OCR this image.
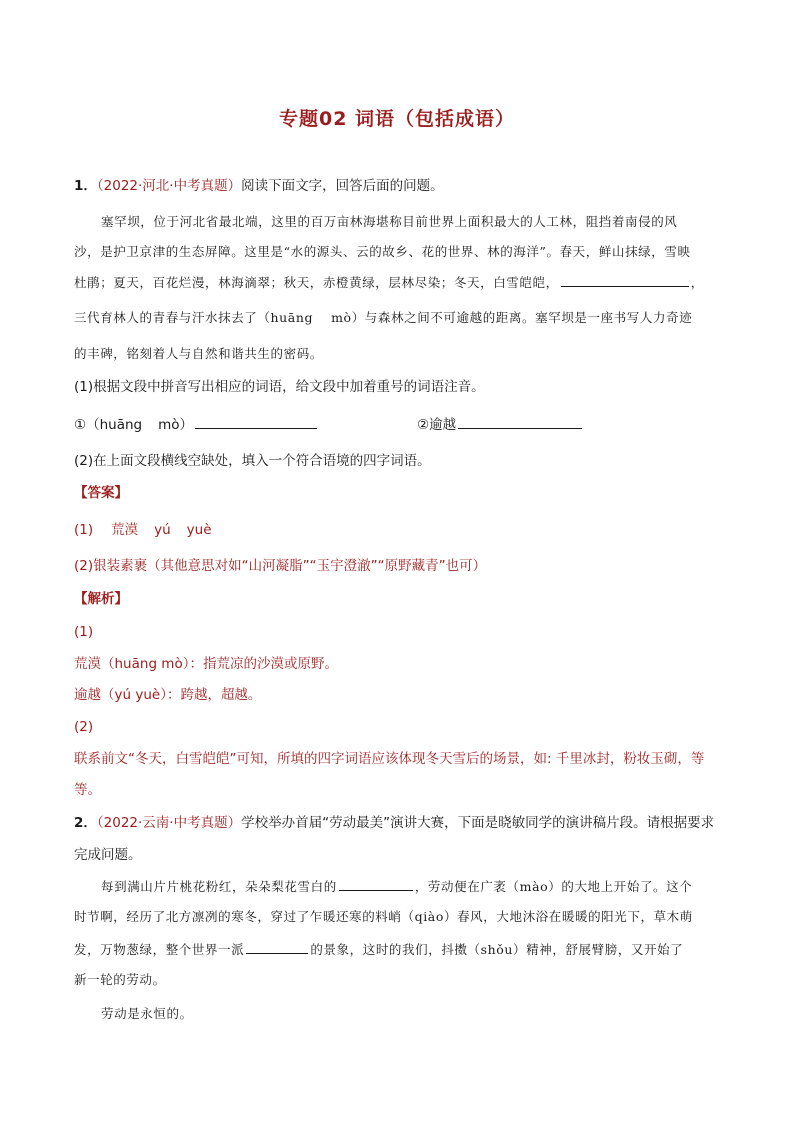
专题02 词语（包括成语）
1．（2022·河北·中考真题）阅读下面文字，回答后面的问题。
塞罕坝，位于河北省最北端，这里的百万亩林海堪称目前世界上面积最大的人工林，阻挡着南侵的风
沙，是护卫京津的生态屏障。这里是“水的源头、云的故乡、花的世界、林的海洋”。春天，鲜山抹绿，雪映
杜鹃；夏天，百花烂漫，林海滴翠；秋天，赤橙黄绿，层林尽染；冬天，白雪皑皑，	，
三代育林人的青春与汗水抹去了（huāng mò）与森林之间不可逾越的距离。塞罕坝是一座书写人力奇迹
的丰碑，铭刻着人与自然和谐共生的密码。
(1)根据文段中拼音写出相应的词语，给文段中加着重号的词语注音。
①（huāng mò）	②逾越
(2)在上面文段横线空缺处，填入一个符合语境的四字词语。
【答案】
(1) 荒漠 yú yuè
(2)银装素裹（其他意思对如“山河凝脂”“玉宇澄澈”“原野藏青”也可）
【解析】
(1)
荒漠（huāng mò）：指荒凉的沙漠或原野。
逾越（yú yuè）：跨越，超越。
(2)
联系前文“冬天，白雪皑皑”可知，所填的四字词语应该体现冬天雪后的场景，如: 千里冰封，粉妆玉砌，等
等。
2．（2022·云南·中考真题）学校举办首届“劳动最美”演讲大赛，下面是晓敏同学的演讲稿片段。请根据要求
完成问题。
每到满山片片桃花粉红，朵朵梨花雪白的	，劳动便在广袤（mào）的大地上开始了。这个
时节啊，经历了北方凛冽的寒冬，穿过了乍暖还寒的料峭（qiào）春风，大地沐浴在暖暖的阳光下，草木萌
发，万物葱绿，整个世界一派	的景象，这时的我们，抖擞（shǒu）精神，舒展臂膀，又开始了
新一轮的劳动。
劳动是永恒的。
